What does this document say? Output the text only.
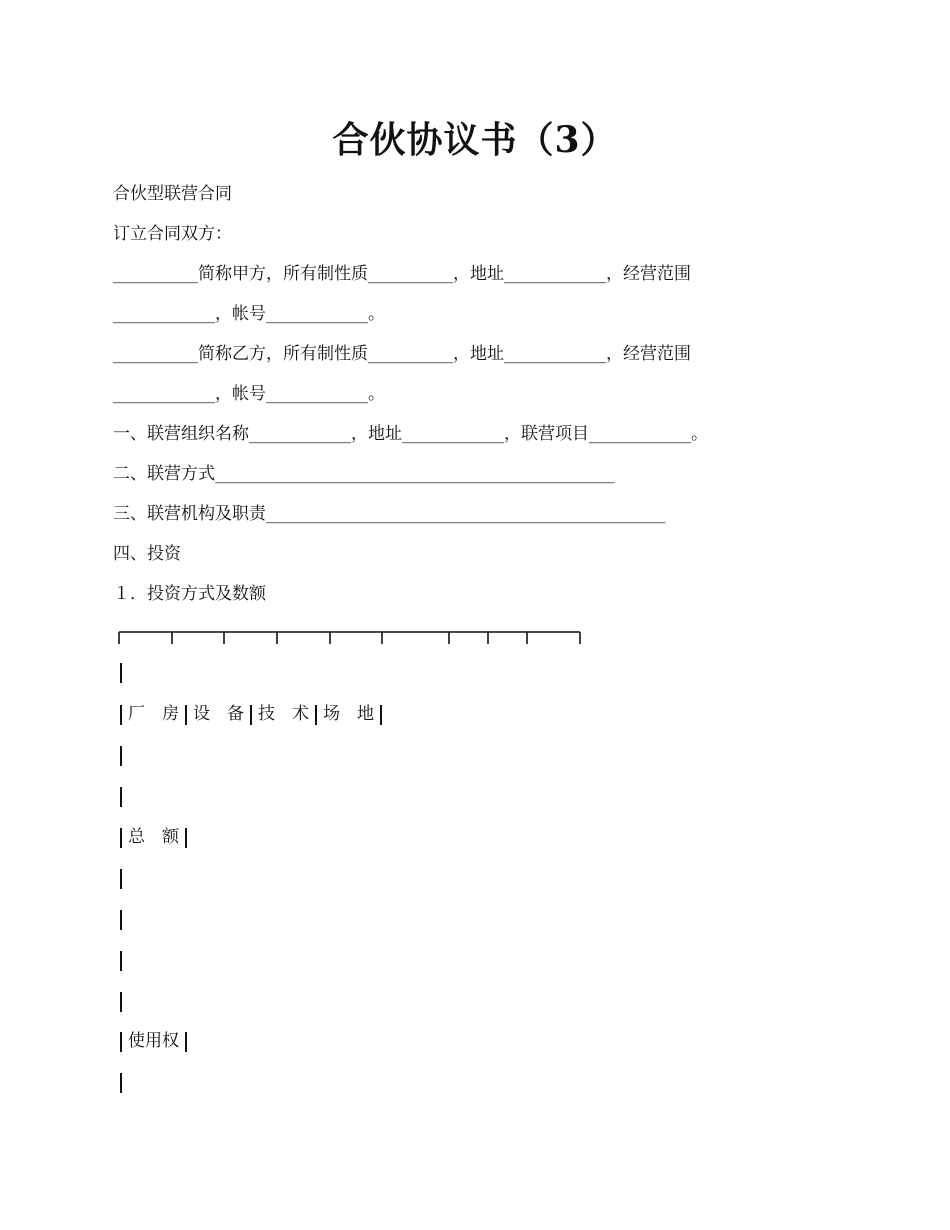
合伙协议书（3）
合伙型联营合同
订立合同双方：
__________简称甲方，所有制性质__________，地址____________，经营范围
____________，帐号____________。
__________简称乙方，所有制性质__________，地址____________，经营范围
____________，帐号____________。
一、联营组织名称____________，地址____________，联营项目____________。
二、联营方式_______________________________________________
三、联营机构及职责_______________________________________________
四、投资
１．投资方式及数额
厂　房 设　备 技　术 场　地
总　额
使用权
